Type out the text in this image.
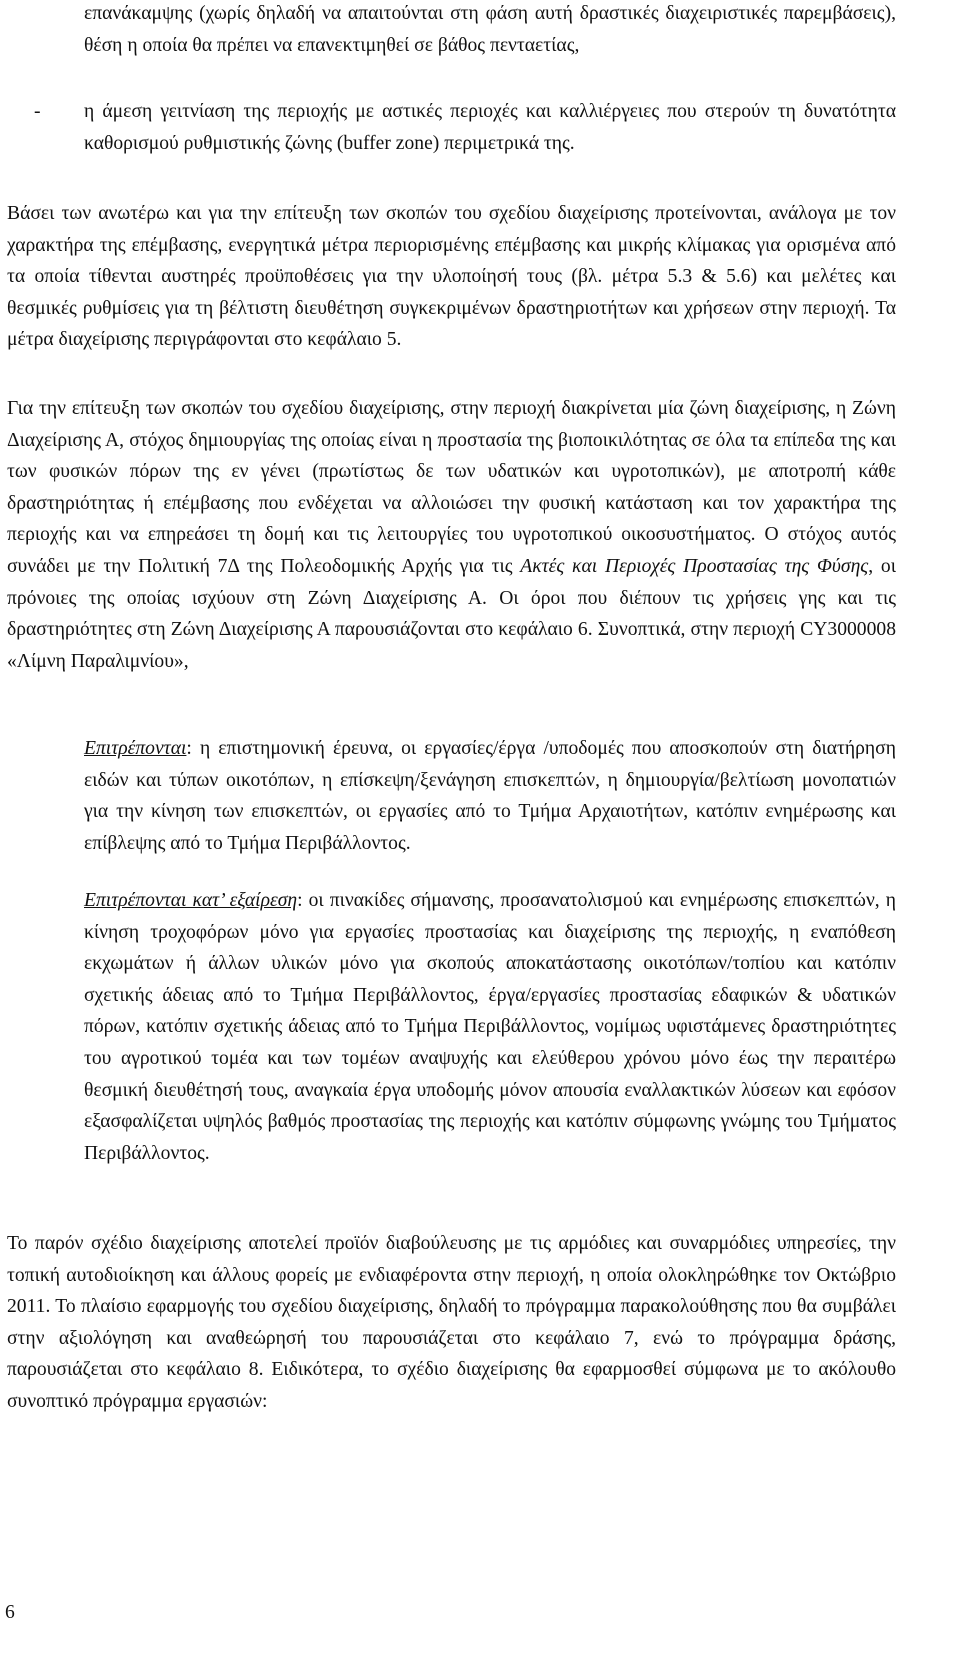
επανάκαμψης (χωρίς δηλαδή να απαιτούνται στη φάση αυτή δραστικές διαχειριστικές παρεμβάσεις), θέση η οποία θα πρέπει να επανεκτιμηθεί σε βάθος πενταετίας,

- η άμεση γειτνίαση της περιοχής με αστικές περιοχές και καλλιέργειες που στερούν τη δυνατότητα καθορισμού ρυθμιστικής ζώνης (buffer zone) περιμετρικά της.

Βάσει των ανωτέρω και για την επίτευξη των σκοπών του σχεδίου διαχείρισης προτείνονται, ανάλογα με τον χαρακτήρα της επέμβασης, ενεργητικά μέτρα περιορισμένης επέμβασης και μικρής κλίμακας για ορισμένα από τα οποία τίθενται αυστηρές προϋποθέσεις για την υλοποίησή τους (βλ. μέτρα 5.3 & 5.6) και μελέτες και θεσμικές ρυθμίσεις για τη βέλτιστη διευθέτηση συγκεκριμένων δραστηριοτήτων και χρήσεων στην περιοχή. Τα μέτρα διαχείρισης περιγράφονται στο κεφάλαιο 5.

Για την επίτευξη των σκοπών του σχεδίου διαχείρισης, στην περιοχή διακρίνεται μία ζώνη διαχείρισης, η Ζώνη Διαχείρισης Α, στόχος δημιουργίας της οποίας είναι η προστασία της βιοποικιλότητας σε όλα τα επίπεδα της και των φυσικών πόρων της εν γένει (πρωτίστως δε των υδατικών και υγροτοπικών), με αποτροπή κάθε δραστηριότητας ή επέμβασης που ενδέχεται να αλλοιώσει την φυσική κατάσταση και τον χαρακτήρα της περιοχής και να επηρεάσει τη δομή και τις λειτουργίες του υγροτοπικού οικοσυστήματος. Ο στόχος αυτός συνάδει με την Πολιτική 7Δ της Πολεοδομικής Αρχής για τις Ακτές και Περιοχές Προστασίας της Φύσης, οι πρόνοιες της οποίας ισχύουν στη Ζώνη Διαχείρισης Α. Οι όροι που διέπουν τις χρήσεις γης και τις δραστηριότητες στη Ζώνη Διαχείρισης Α παρουσιάζονται στο κεφάλαιο 6. Συνοπτικά, στην περιοχή CY3000008 «Λίμνη Παραλιμνίου»,

Επιτρέπονται: η επιστημονική έρευνα, οι εργασίες/έργα /υποδομές που αποσκοπούν στη διατήρηση ειδών και τύπων οικοτόπων, η επίσκεψη/ξενάγηση επισκεπτών, η δημιουργία/βελτίωση μονοπατιών για την κίνηση των επισκεπτών, οι εργασίες από το Τμήμα Αρχαιοτήτων, κατόπιν ενημέρωσης και επίβλεψης από το Τμήμα Περιβάλλοντος.

Επιτρέπονται κατ’ εξαίρεση: οι πινακίδες σήμανσης, προσανατολισμού και ενημέρωσης επισκεπτών, η κίνηση τροχοφόρων μόνο για εργασίες προστασίας και διαχείρισης της περιοχής, η εναπόθεση εκχωμάτων ή άλλων υλικών μόνο για σκοπούς αποκατάστασης οικοτόπων/τοπίου και κατόπιν σχετικής άδειας από το Τμήμα Περιβάλλοντος, έργα/εργασίες προστασίας εδαφικών & υδατικών πόρων, κατόπιν σχετικής άδειας από το Τμήμα Περιβάλλοντος, νομίμως υφιστάμενες δραστηριότητες του αγροτικού τομέα και των τομέων αναψυχής και ελεύθερου χρόνου μόνο έως την περαιτέρω θεσμική διευθέτησή τους, αναγκαία έργα υποδομής μόνον απουσία εναλλακτικών λύσεων και εφόσον εξασφαλίζεται υψηλός βαθμός προστασίας της περιοχής και κατόπιν σύμφωνης γνώμης του Τμήματος Περιβάλλοντος.

Το παρόν σχέδιο διαχείρισης αποτελεί προϊόν διαβούλευσης με τις αρμόδιες και συναρμόδιες υπηρεσίες, την τοπική αυτοδιοίκηση και άλλους φορείς με ενδιαφέροντα στην περιοχή, η οποία ολοκληρώθηκε τον Οκτώβριο 2011. Το πλαίσιο εφαρμογής του σχεδίου διαχείρισης, δηλαδή το πρόγραμμα παρακολούθησης που θα συμβάλει στην αξιολόγηση και αναθεώρησή του παρουσιάζεται στο κεφάλαιο 7, ενώ το πρόγραμμα δράσης, παρουσιάζεται στο κεφάλαιο 8. Ειδικότερα, το σχέδιο διαχείρισης θα εφαρμοσθεί σύμφωνα με το ακόλουθο συνοπτικό πρόγραμμα εργασιών:

6
